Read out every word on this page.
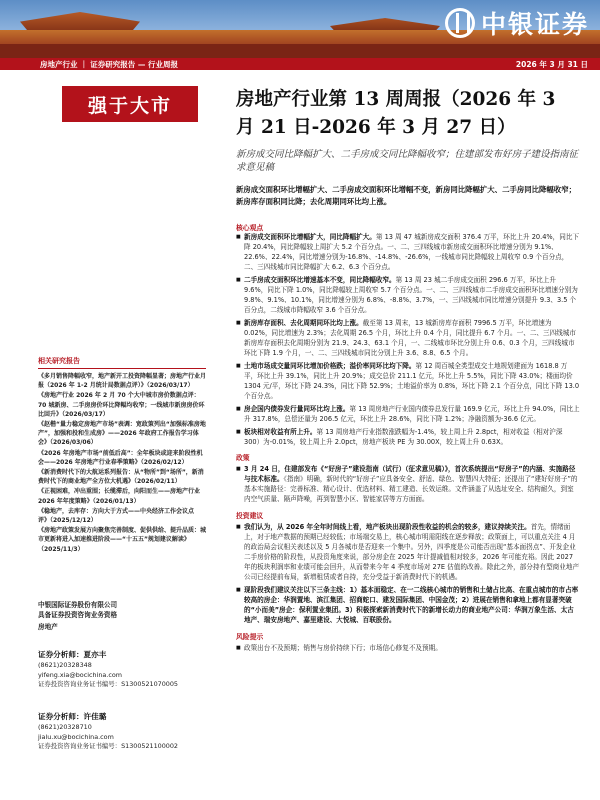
中银证券
房地产行业 ｜ 证券研究报告 — 行业周报	2026 年 3 月 31 日
强于大市	房地产行业第 13 周周报（2026 年 3 月 21 日-2026 年 3 月 27 日）
新房成交同比降幅扩大、二手房成交同比降幅收窄；住建部发布好房子建设指南征求意见稿
新房成交面积环比增幅扩大、二手房成交面积环比增幅不变，新房同比降幅扩大、二手房同比降幅收窄；新房库存面积同比降；去化周期同环比均上涨。
核心观点
■ 新房成交面积环比增幅扩大，同比降幅扩大。第 13 周 47 城新房成交面积 376.4 万平，环比上升 20.4%，同比下降 20.4%，同比降幅较上周扩大 5.2 个百分点。一、二、三四线城市新房成交面积环比增速分别为 9.1%、22.6%、22.4%，同比增速分别为-16.8%、-14.8%、-26.6%，一线城市同比降幅较上周收窄 0.9 个百分点，二、三四线城市同比降幅扩大 6.2、6.3 个百分点。
■ 二手房成交面积环比增速基本不变，同比降幅收窄。第 13 周 23 城二手房成交面积 296.6 万平，环比上升 9.6%，同比下降 1.0%，同比降幅较上周收窄 5.7 个百分点。一、二、三四线城市二手房成交面积环比增速分别为 9.8%、9.1%、10.1%，同比增速分别为 6.8%、-8.8%、3.7%，一、三四线城市同比增速分别提升 9.3、3.5 个百分点，二线城市降幅收窄 3.6 个百分点。
■ 新房库存面积、去化周期同环比均上涨。截至第 13 周末，13 城新房库存面积 7996.5 万平，环比增速为 0.02%，同比增速为 2.3%；去化周期 26.5 个月，环比上升 0.4 个月，同比提升 6.7 个月。一、二、三四线城市新房库存面积去化周期分别为 21.9、24.3、63.1 个月，一、二线城市环比分别上升 0.6、0.3 个月，三四线城市环比下降 1.9 个月，一、二、三四线城市同比分别上升 3.6、8.8、6.5 个月。
■ 土地市场成交量同环比增加价格跌；溢价率同环比均下降。第 12 周百城全类型成交土地规划建面为 1618.8 万平，环比上升 39.1%，同比上升 20.9%；成交总价 211.1 亿元，环比上升 5.5%，同比下降 43.0%；楼面均价 1304 元/平，环比下降 24.3%，同比下降 52.9%；土地溢价率为 0.8%，环比下降 2.1 个百分点，同比下降 13.0 个百分点。
■ 房企国内债券发行量同环比均上涨。第 13 周房地产行业国内债券总发行量 169.9 亿元，环比上升 94.0%，同比上升 317.8%，总偿还量为 206.5 亿元，环比上升 28.6%，同比下降 1.2%；净融资额为-36.6 亿元。
■ 板块相对收益有所上升。第 13 周房地产行业指数涨跌幅为-1.4%，较上周上升 2.8pct，相对收益（相对沪深 300）为-0.01%，较上周上升 2.0pct，房地产板块 PE 为 30.00X，较上周上升 0.63X。
政策
■ 3 月 24 日，住建部发布《“好房子”建设指南（试行）（征求意见稿）》，首次系统提出“好房子”的内涵、实施路径与技术标准。《指南》明确，新时代的“好房子”应具备安全、舒适、绿色、智慧四大特征；还提出了“建好好房子”的基本实施路径：完善标准、精心设计、优选材料、精工建造、长效运维。文件涵盖了从选址安全、结构耐久，到室内空气质量、隔声降噪，再到智慧小区、智能家居等方方面面。
投资建议
■ 我们认为，从 2026 年全年时间线上看，地产板块出现阶段性收益的机会的较多，建议持续关注。首先，情绪面上，对于地产数据的预期已经较低；市场端交易上，核心城市明需阳线在逐步释放；政策面上，可以重点关注 4 月的政治局会议相关表述以及 5 月各城市是否迎来一个集中。另外，四季度是公司能否出现“基本面拐点”、开发企业二手房价格的阶段性，从投资角度来说，部分房企在 2025 年计提减值相对较多，2026 年可能充裕。因此 2027 年的板块利润率和业绩可能会回升，从而带来今年 4 季度市场对 27E 估值的改善。除此之外，部分持有型商业地产公司已经提前布局，新增租赁或者自持，充分受益于新消费时代下的机遇。
■ 现阶段我们建议关注以下三条主线：1）基本面稳定、在一二线核心城市的销售和土储占比高、在重点城市的市占率较高的房企：华润置地、滨江集团、招商蛇口、建发国际集团、中国金茂；2）进展在销售和拿地上都有显著突破的“小而美”房企：保利置业集团。3）积极探索新消费时代下的新增长动力的商业地产公司：华润万象生活、太古地产、瑞安房地产、嘉里建设、大悦城、百联股份。
风险提示
■ 政策出台不及预期；销售与房价持续下行；市场信心修复不及预期。
相关研究报告
《多月销售降幅收窄，地产新开工投资降幅显著；房地产行业月报（2026 年 1-2 月统计局数据点评）》（2026/03/17）
《房地产行业 2026 年 2 月 70 个大中城市房价数据点评：70 城新房、二手房房价环比降幅均收窄；一线城市新房房价环比回升》（2026/03/17）
《赵楷“量力稳定房地产市场”表调：宽政策列出“加强标准房地产”，加强和投和生成房》——2026 年政府工作报告学习体会》（2026/03/06）
《2026 年房地产市场“前低后高”：全年板块或迎来阶段性机会——2026 年房地产行业春季策略》（2026/02/12）
《新消费时代下的大航运系列报告：从“物所”到“场所”，新消费时代下的商业地产全方位大机遇》（2026/02/11）
《正视困难，冲出重围；长缆滞后，向阳而生——房地产行业 2026 年年度策略》（2026/01/13）
《稳地产，去库存：方向大于方式——中央经济工作会议点评》（2025/12/12）
《房地产政策发展方向聚焦完善制度、促供供给、提升品质：城市更新将进入加速推进阶段——“十五五”规划建议解读》（2025/11/3）
中银国际证券股份有限公司
具备证券投资咨询业务资格
房地产
证券分析师：夏亦丰
(8621)20328348
yifeng.xia@bocichina.com
证券投资咨询业务证书编号：S1300521070005
证券分析师：许佳璐
(8621)20328710
jialu.xu@bocichina.com
证券投资咨询业务证书编号：S1300521100002
